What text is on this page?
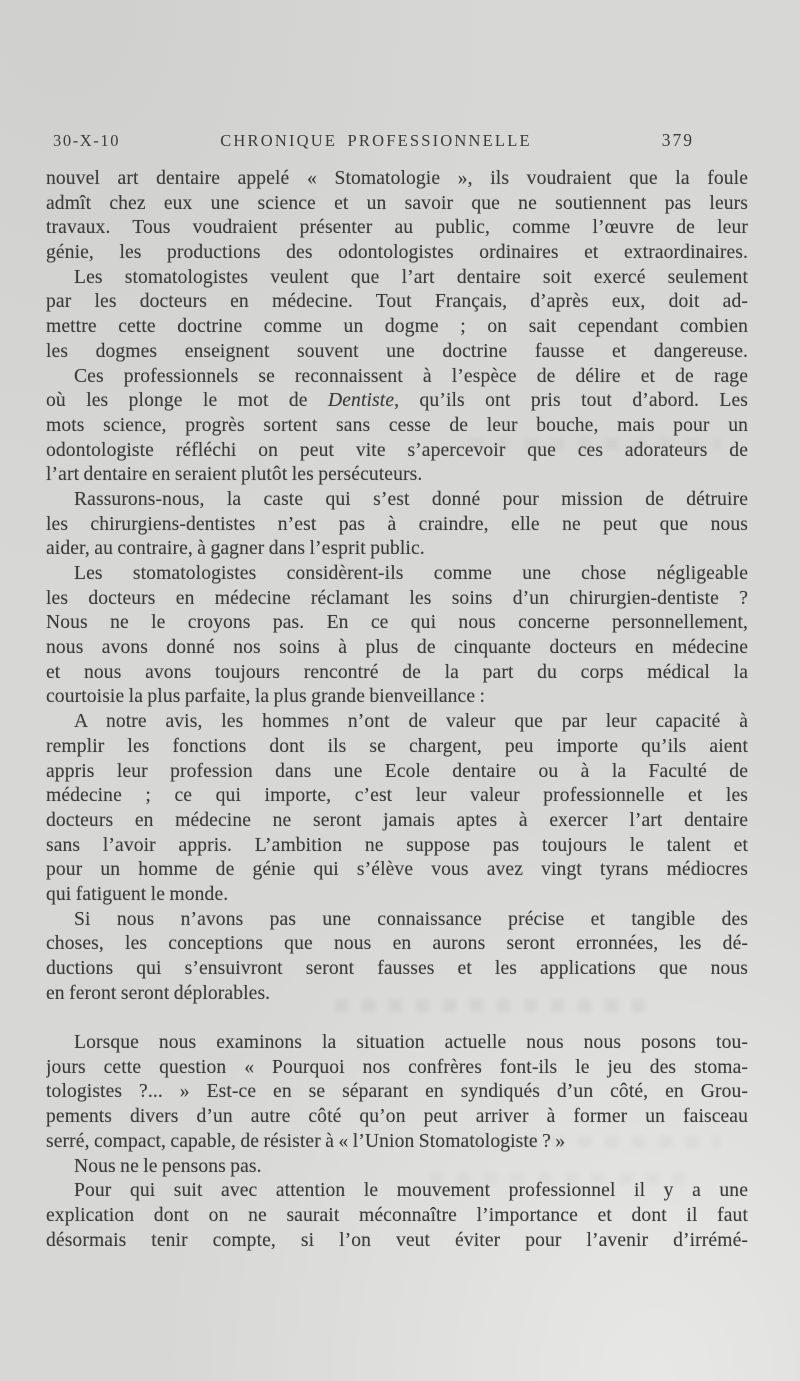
30-X-10	CHRONIQUE PROFESSIONNELLE	379
nouvel art dentaire appelé « Stomatologie », ils voudraient que la foule
admît chez eux une science et un savoir que ne soutiennent pas leurs
travaux. Tous voudraient présenter au public, comme l’œuvre de leur
génie, les productions des odontologistes ordinaires et extraordinaires.
Les stomatologistes veulent que l’art dentaire soit exercé seulement
par les docteurs en médecine. Tout Français, d’après eux, doit ad-
mettre cette doctrine comme un dogme ; on sait cependant combien
les dogmes enseignent souvent une doctrine fausse et dangereuse.
Ces professionnels se reconnaissent à l’espèce de délire et de rage
où les plonge le mot de Dentiste, qu’ils ont pris tout d’abord. Les
mots science, progrès sortent sans cesse de leur bouche, mais pour un
odontologiste réfléchi on peut vite s’apercevoir que ces adorateurs de
l’art dentaire en seraient plutôt les persécuteurs.
Rassurons-nous, la caste qui s’est donné pour mission de détruire
les chirurgiens-dentistes n’est pas à craindre, elle ne peut que nous
aider, au contraire, à gagner dans l’esprit public.
Les stomatologistes considèrent-ils comme une chose négligeable
les docteurs en médecine réclamant les soins d’un chirurgien-dentiste ?
Nous ne le croyons pas. En ce qui nous concerne personnellement,
nous avons donné nos soins à plus de cinquante docteurs en médecine
et nous avons toujours rencontré de la part du corps médical la
courtoisie la plus parfaite, la plus grande bienveillance :
A notre avis, les hommes n’ont de valeur que par leur capacité à
remplir les fonctions dont ils se chargent, peu importe qu’ils aient
appris leur profession dans une Ecole dentaire ou à la Faculté de
médecine ; ce qui importe, c’est leur valeur professionnelle et les
docteurs en médecine ne seront jamais aptes à exercer l’art dentaire
sans l’avoir appris. L’ambition ne suppose pas toujours le talent et
pour un homme de génie qui s’élève vous avez vingt tyrans médiocres
qui fatiguent le monde.
Si nous n’avons pas une connaissance précise et tangible des
choses, les conceptions que nous en aurons seront erronnées, les dé-
ductions qui s’ensuivront seront fausses et les applications que nous
en feront seront déplorables.
Lorsque nous examinons la situation actuelle nous nous posons tou-
jours cette question « Pourquoi nos confrères font-ils le jeu des stoma-
tologistes ?... » Est-ce en se séparant en syndiqués d’un côté, en Grou-
pements divers d’un autre côté qu’on peut arriver à former un faisceau
serré, compact, capable, de résister à « l’Union Stomatologiste ? »
Nous ne le pensons pas.
Pour qui suit avec attention le mouvement professionnel il y a une
explication dont on ne saurait méconnaître l’importance et dont il faut
désormais tenir compte, si l’on veut éviter pour l’avenir d’irrémé-
